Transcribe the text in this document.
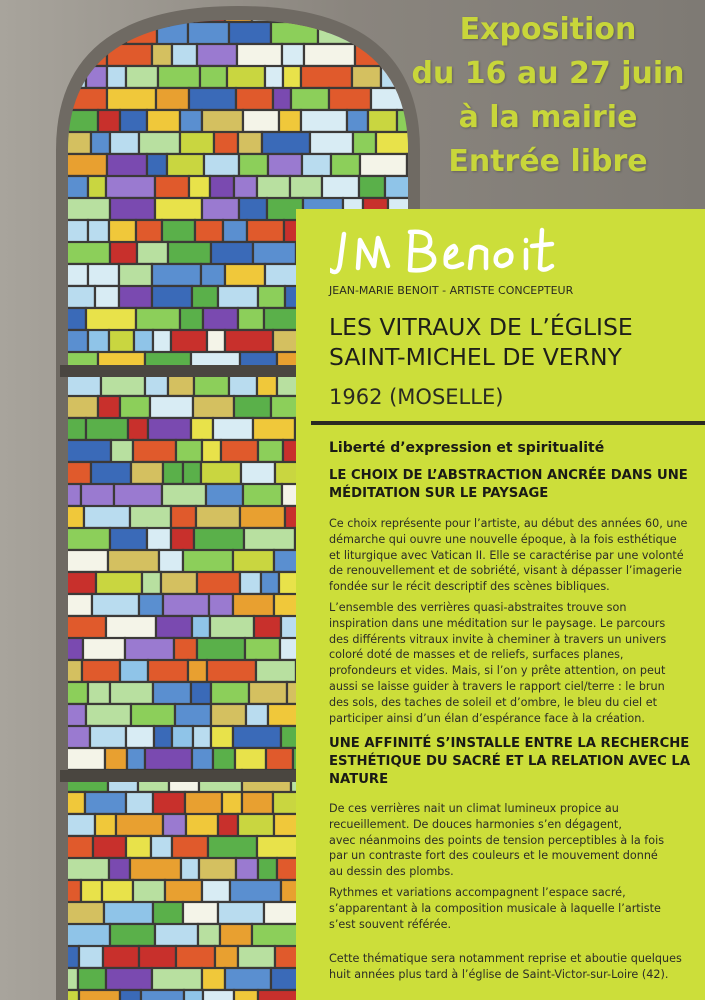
Exposition
du 16 au 27 juin
à la mairie
Entrée libre
JEAN-MARIE BENOIT - ARTISTE CONCEPTEUR
LES VITRAUX DE L’ÉGLISE
SAINT-MICHEL DE VERNY
1962 (MOSELLE)
Liberté d’expression et spiritualité
LE CHOIX DE L’ABSTRACTION ANCRÉE DANS UNE
MÉDITATION SUR LE PAYSAGE
Ce choix représente pour l’artiste, au début des années 60, une
démarche qui ouvre une nouvelle époque, à la fois esthétique
et liturgique avec Vatican II. Elle se caractérise par une volonté
de renouvellement et de sobriété, visant à dépasser l’imagerie
fondée sur le récit descriptif des scènes bibliques.
L’ensemble des verrières quasi-abstraites trouve son
inspiration dans une méditation sur le paysage. Le parcours
des différents vitraux invite à cheminer à travers un univers
coloré doté de masses et de reliefs, surfaces planes,
profondeurs et vides. Mais, si l’on y prête attention, on peut
aussi se laisse guider à travers le rapport ciel/terre : le brun
des sols, des taches de soleil et d’ombre, le bleu du ciel et
participer ainsi d’un élan d’espérance face à la création.
UNE AFFINITÉ S’INSTALLE ENTRE LA RECHERCHE
ESTHÉTIQUE DU SACRÉ ET LA RELATION AVEC LA
NATURE
De ces verrières nait un climat lumineux propice au
recueillement. De douces harmonies s’en dégagent,
avec néanmoins des points de tension perceptibles à la fois
par un contraste fort des couleurs et le mouvement donné
au dessin des plombs.
Rythmes et variations accompagnent l’espace sacré,
s’apparentant à la composition musicale à laquelle l’artiste
s’est souvent référée.
Cette thématique sera notamment reprise et aboutie quelques
huit années plus tard à l’église de Saint-Victor-sur-Loire (42).
